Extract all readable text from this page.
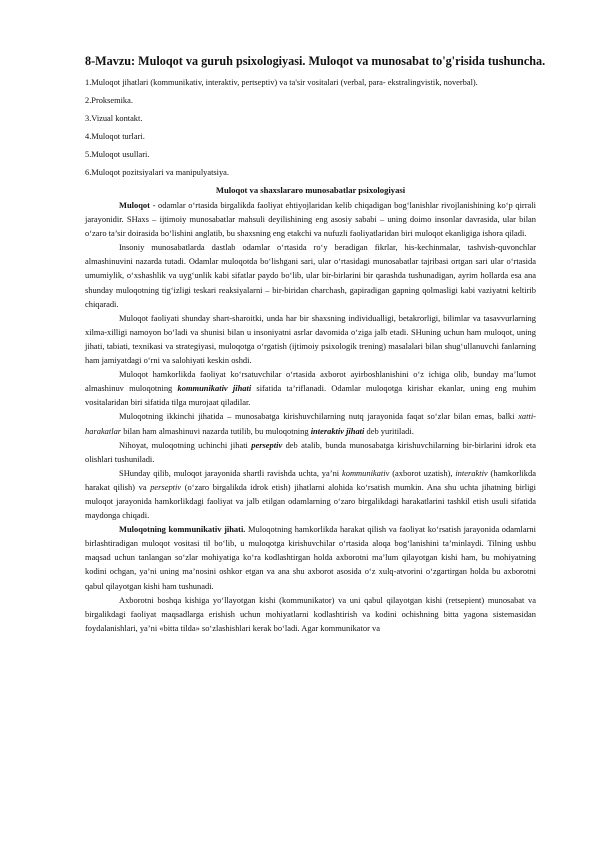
8-Mavzu: Muloqot va guruh psixologiyasi. Muloqot va munosabat to'g'risida tushuncha.
1.Muloqot jihatlari (kommunikativ, interaktiv, pertseptiv) va ta'sir vositalari (verbal, para- ekstralingvistik, noverbal).
2.Proksemika.
3.Vizual kontakt.
4.Muloqot turlari.
5.Muloqot usullari.
6.Muloqot pozitsiyalari va manipulyatsiya.
Muloqot va shaxslararo munosabatlar psixologiyasi

Muloqot - odamlar o‘rtasida birgalikda faoliyat ehtiyojlaridan kelib chiqadigan bog‘lanishlar rivojlanishining ko‘p qirrali jarayonidir. SHaxs – ijtimoiy munosabatlar mahsuli deyilishining eng asosiy sababi – uning doimo insonlar davrasida, ular bilan o‘zaro ta’sir doirasida bo‘lishini anglatib, bu shaxsning eng etakchi va nufuzli faoliyatlaridan biri muloqot ekanligiga ishora qiladi.

Insoniy munosabatlarda dastlab odamlar o‘rtasida ro‘y beradigan fikrlar, his-kechinmalar, tashvish-quvonchlar almashinuvini nazarda tutadi. Odamlar muloqotda bo‘lishgani sari, ular o‘rtasidagi munosabatlar tajribasi ortgan sari ular o‘rtasida umumiylik, o‘xshashlik va uyg‘unlik kabi sifatlar paydo bo‘lib, ular bir-birlarini bir qarashda tushunadigan, ayrim hollarda esa ana shunday muloqotning tig‘izligi teskari reaksiyalarni – bir-biridan charchash, gapiradigan gapning qolmasligi kabi vaziyatni keltirib chiqaradi.

Muloqot faoliyati shunday shart-sharoitki, unda har bir shaxsning individualligi, betakrorligi, bilimlar va tasavvurlarning xilma-xilligi namoyon bo‘ladi va shunisi bilan u insoniyatni asrlar davomida o‘ziga jalb etadi. SHuning uchun ham muloqot, uning jihati, tabiati, texnikasi va strategiyasi, muloqotga o‘rgatish (ijtimoiy psixologik trening) masalalari bilan shug‘ullanuvchi fanlarning ham jamiyatdagi o‘rni va salohiyati keskin oshdi.

Muloqot hamkorlikda faoliyat ko‘rsatuvchilar o‘rtasida axborot ayirboshlanishini o‘z ichiga olib, bunday ma’lumot almashinuv muloqotning kommunikativ jihati sifatida ta’riflanadi. Odamlar muloqotga kirishar ekanlar, uning eng muhim vositalaridan biri sifatida tilga murojaat qiladilar.

Muloqotning ikkinchi jihatida – munosabatga kirishuvchilarning nutq jarayonida faqat so‘zlar bilan emas, balki xatti-harakatlar bilan ham almashinuvi nazarda tutilib, bu muloqotning interaktiv jihati deb yuritiladi.

Nihoyat, muloqotning uchinchi jihati perseptiv deb atalib, bunda munosabatga kirishuvchilarning bir-birlarini idrok eta olishlari tushuniladi.

SHunday qilib, muloqot jarayonida shartli ravishda uchta, ya’ni kommunikativ (axborot uzatish), interaktiv (hamkorlikda harakat qilish) va perseptiv (o‘zaro birgalikda idrok etish) jihatlarni alohida ko‘rsatish mumkin. Ana shu uchta jihatning birligi muloqot jarayonida hamkorlikdagi faoliyat va jalb etilgan odamlarning o‘zaro birgalikdagi harakatlarini tashkil etish usuli sifatida maydonga chiqadi.

Muloqotning kommunikativ jihati. Muloqotning hamkorlikda harakat qilish va faoliyat ko‘rsatish jarayonida odamlarni birlashtiradigan muloqot vositasi til bo‘lib, u muloqotga kirishuvchilar o‘rtasida aloqa bog‘lanishini ta’minlaydi. Tilning ushbu maqsad uchun tanlangan so‘zlar mohiyatiga ko‘ra kodlashtirgan holda axborotni ma’lum qilayotgan kishi ham, bu mohiyatning kodini ochgan, ya’ni uning ma’nosini oshkor etgan va ana shu axborot asosida o‘z xulq-atvorini o‘zgartirgan holda bu axborotni qabul qilayotgan kishi ham tushunadi.

Axborotni boshqa kishiga yo‘llayotgan kishi (kommunikator) va uni qabul qilayotgan kishi (retsepient) munosabat va birgalikdagi faoliyat maqsadlarga erishish uchun mohiyatlarni kodlashtirish va kodini ochishning bitta yagona sistemasidan foydalanishlari, ya’ni «bitta tilda» so‘zlashishlari kerak bo‘ladi. Agar kommunikator va
